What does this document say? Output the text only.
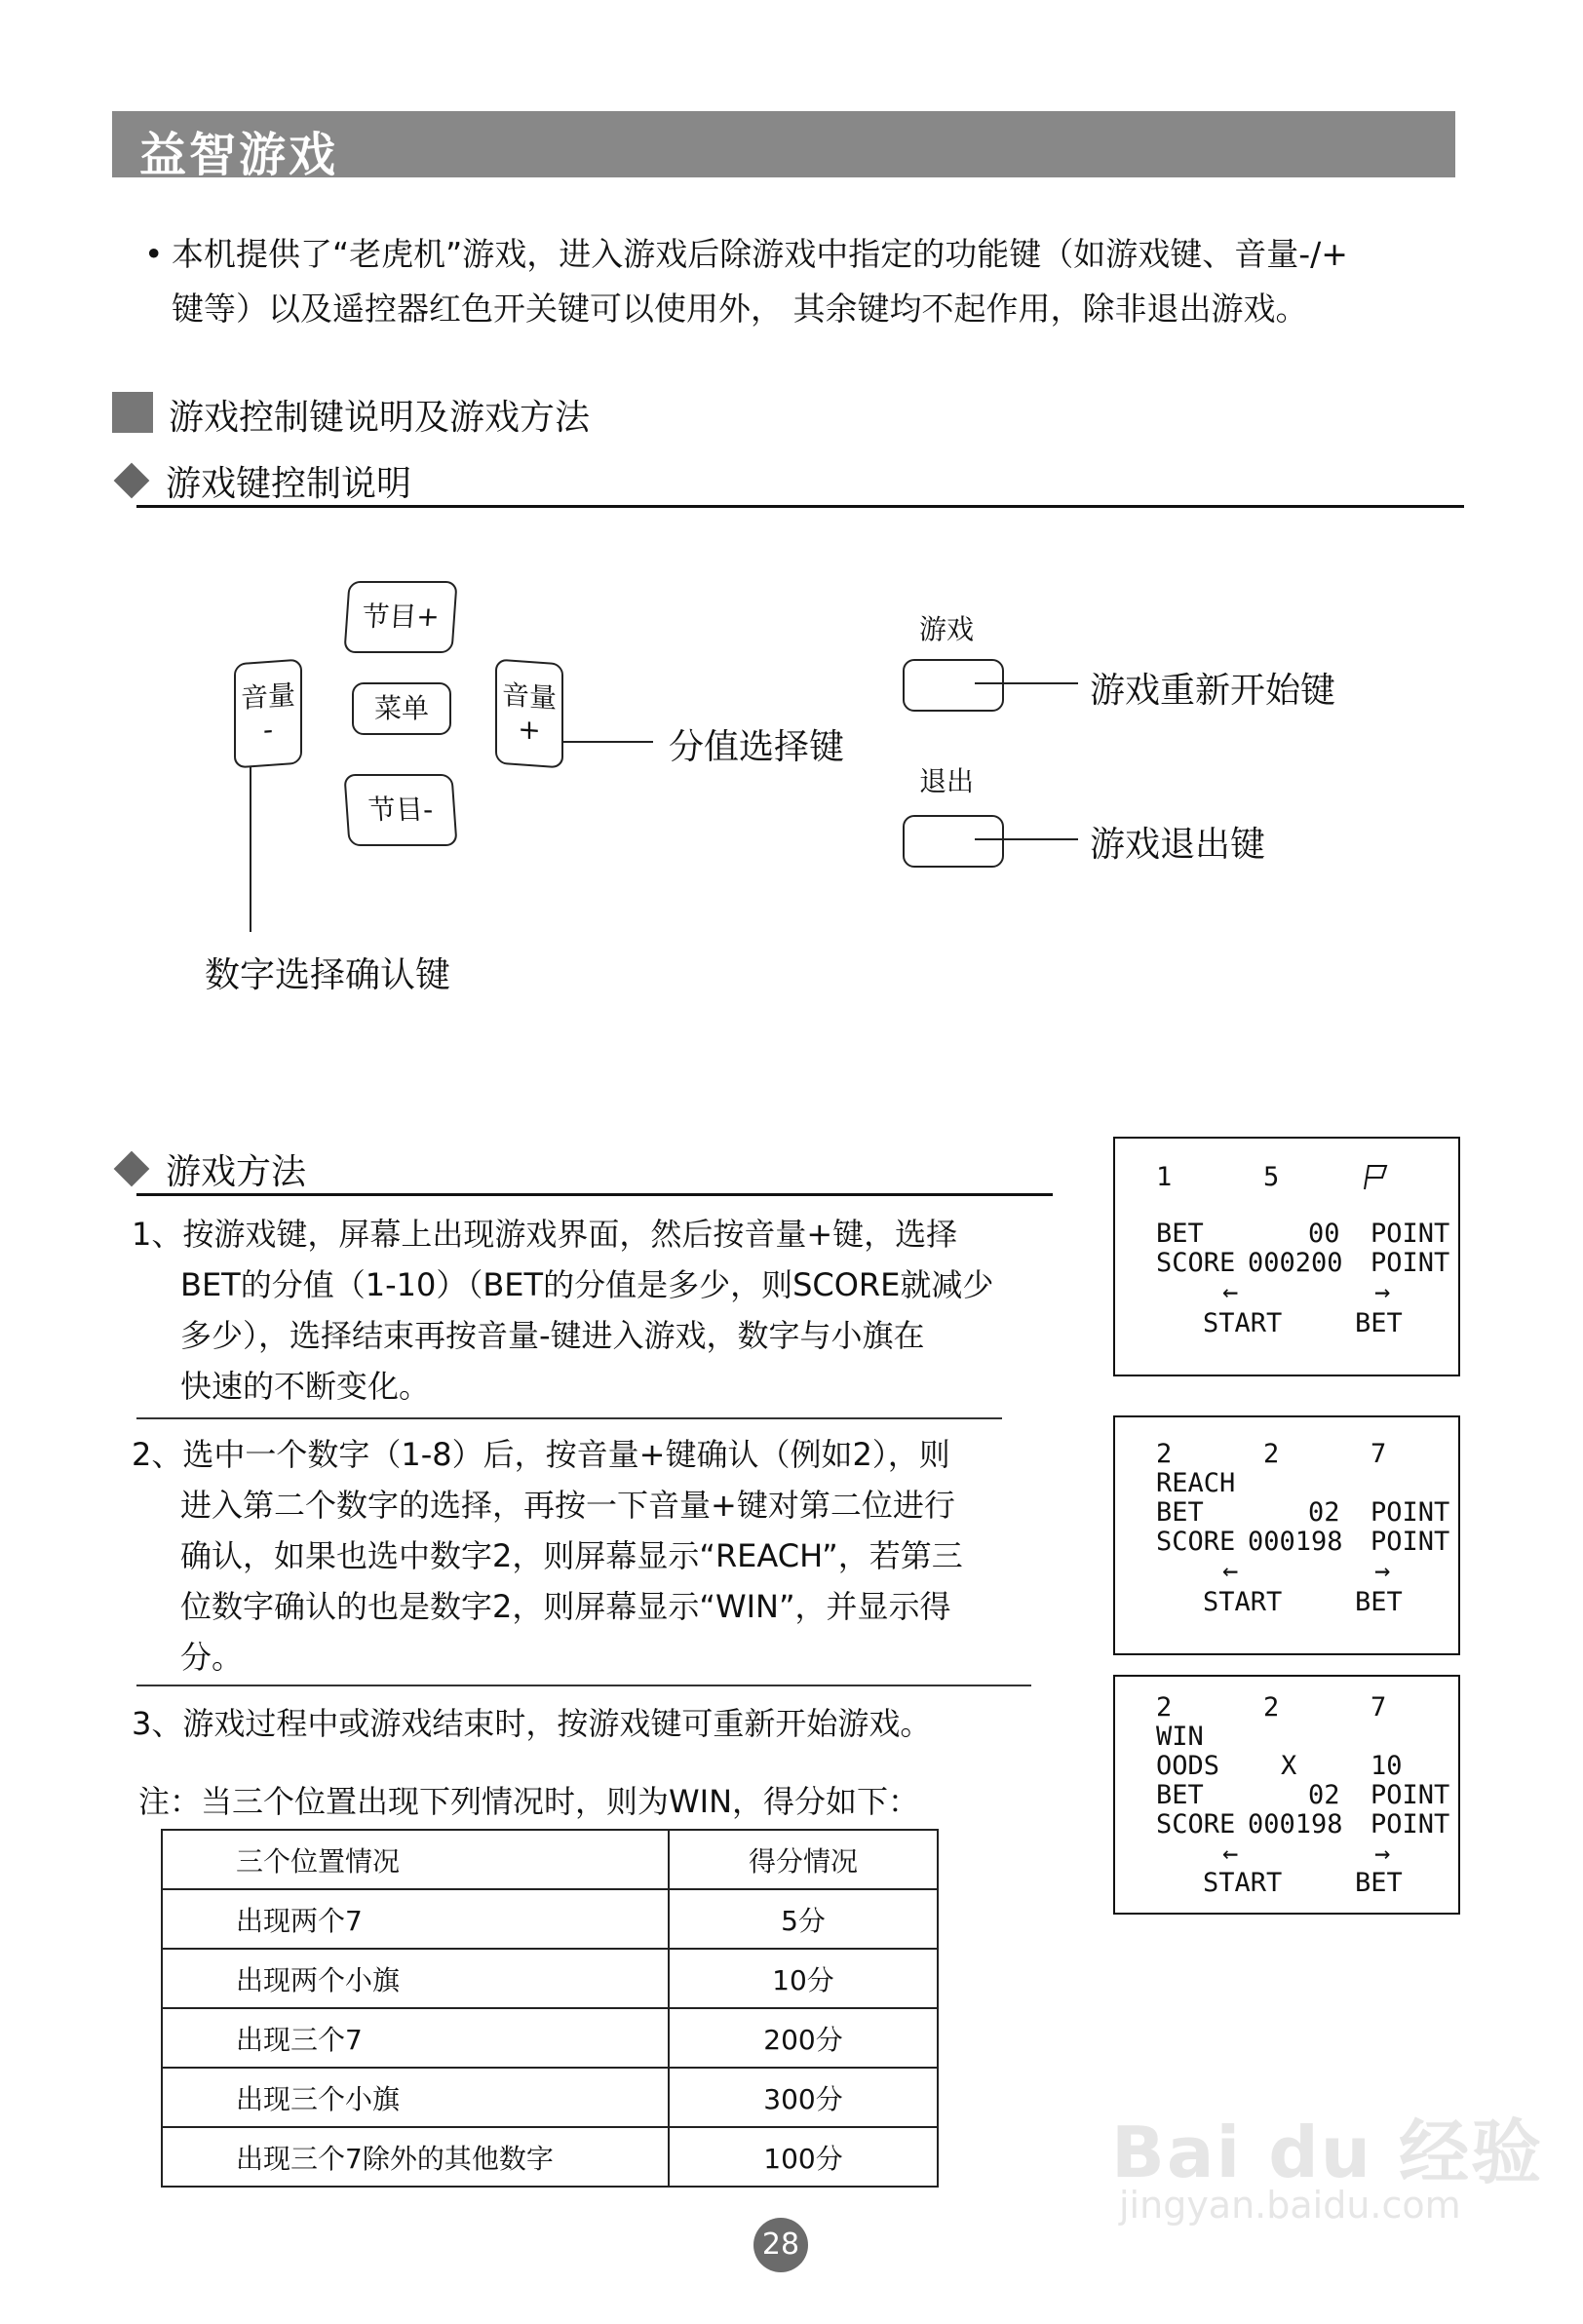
益智游戏
• 本机提供了“老虎机”游戏，进入游戏后除游戏中指定的功能键（如游戏键、音量-/+
键等）以及遥控器红色开关键可以使用外， 其余键均不起作用，除非退出游戏。
游戏控制键说明及游戏方法
游戏键控制说明
节目+
菜单
节目-
音量
-
音量
+	分值选择键
数字选择确认键
游戏
游戏重新开始键
退出
游戏退出键
游戏方法
1、按游戏键，屏幕上出现游戏界面，然后按音量+键，选择
BET的分值（1-10）（BET的分值是多少，则SCORE就减少
多少），选择结束再按音量-键进入游戏，数字与小旗在
快速的不断变化。
2、选中一个数字（1-8）后，按音量+键确认（例如2），则
进入第二个数字的选择，再按一下音量+键对第二位进行
确认，如果也选中数字2，则屏幕显示“REACH”，若第三
位数字确认的也是数字2，则屏幕显示“WIN”，并显示得
分。
3、游戏过程中或游戏结束时，按游戏键可重新开始游戏。
注：当三个位置出现下列情况时，则为WIN，得分如下：
三个位置情况	得分情况
出现两个7	5分
出现两个小旗	10分
出现三个7	200分
出现三个小旗	300分
出现三个7除外的其他数字	100分
1	5
BET	00 POINT
SCORE 000200 POINT
←	→
START	BET
2	2	7
REACH
BET	02 POINT
SCORE 000198 POINT
←	→
START	BET
2	2	7
WIN
OODS X	10
BET	02 POINT
SCORE 000198 POINT
←	→
START	BET
28
Bai du 经验
jingyan.baidu.com
